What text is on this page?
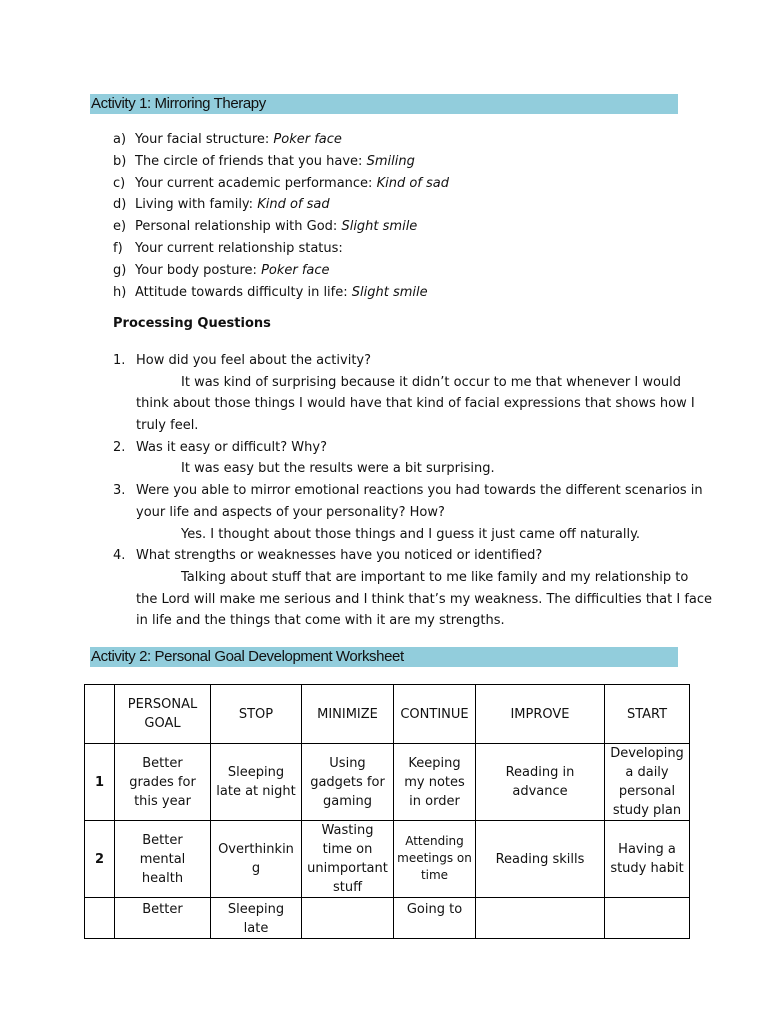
Activity 1: Mirroring Therapy
a) Your facial structure: Poker face
b) The circle of friends that you have: Smiling
c) Your current academic performance: Kind of sad
d) Living with family: Kind of sad
e) Personal relationship with God: Slight smile
f) Your current relationship status:
g) Your body posture: Poker face
h) Attitude towards difficulty in life: Slight smile
Processing Questions
1. How did you feel about the activity?
It was kind of surprising because it didn’t occur to me that whenever I would
think about those things I would have that kind of facial expressions that shows how I
truly feel.
2. Was it easy or difficult? Why?
It was easy but the results were a bit surprising.
3. Were you able to mirror emotional reactions you had towards the different scenarios in
your life and aspects of your personality? How?
Yes. I thought about those things and I guess it just came off naturally.
4. What strengths or weaknesses have you noticed or identified?
Talking about stuff that are important to me like family and my relationship to
the Lord will make me serious and I think that’s my weakness. The difficulties that I face
in life and the things that come with it are my strengths.
Activity 2: Personal Goal Development Worksheet
	PERSONAL GOAL	STOP	MINIMIZE	CONTINUE	IMPROVE	START
1	Better grades for this year	Sleeping late at night	Using gadgets for gaming	Keeping my notes in order	Reading in advance	Developing a daily personal study plan
2	Better mental health	Overthinking	Wasting time on unimportant stuff	Attending meetings on time	Reading skills	Having a study habit
	Better	Sleeping late		Going to		
